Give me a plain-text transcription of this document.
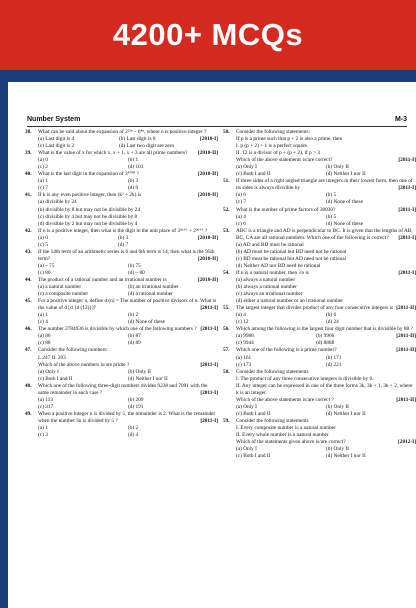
4200+ MCQs
Number System	M-3
38.	What can be said about the expansion of 2¹²ⁿ – 6⁴ⁿ, where n is positive integer ?
[2010-I]
(a) Last digit is 4	(b) Last digit is 8
(c) Last digit is 2	(d) Last two digit are zero
39.	What is the value of x for which x, x + 1, x + 3 are all prime numbers? [2010-II]
(a) 0	(b) 1
(c) 2	(d) 101
40.	What is the last digit in the expansion of 3⁴⁷⁰⁸ ?	[2010-II]
(a) 1	(b) 3
(c) 7	(d) 9
41.	If k is any even positive integer, then (k² + 2k) is	[2010-II]
(a) divisible by 24
(b) divisible by 8 but may not be divisible by 24
(c) divisible by 4 but may not be divisible by 8
(d) divisible by 2 but may not be divisible by 4
42.	If n is a positive integer, then what is the digit in the unit place of 3²ⁿ⁺¹ + 2²ⁿ⁺¹ ?
[2010-II]
(a) 0	(b) 3
(c) 5	(d) 7
43.	If the 14th term of an arithmetic series is 6 and 6th term is 14, then what is the 95th term?	[2010-II]
(a) – 75	(b) 75
(c) 80	(d) – 80
44.	The product of a rational number and an irrational number is	[2010-II]
(a) a natural number	(b) an irrational number
(c) a composite number	(d) a rational number
45.	For a positive integer n, define d (n) = The number of positive divisors of n. What is the value of d [d {d (12)}]?	[2011-I]
(a) 1	(b) 2
(c) 4	(d) None of these
46.	The number 2784936 is divisible by which one of the following numbers ? [2011-I]
(a) 86	(b) 87
(c) 88	(d) 89
47.	Consider the following numbers:
I. 247 II. 203
Which of the above numbers is/are prime ?	[2011-I]
(a) Only I	(b) Only II
(c) Both I and II	(d) Neither I nor II
48.	Which one of the following three-digit numbers divides 9238 and 7091 with the same remainder in each case ?	[2011-I]
(a) 113	(b) 209
(c) 317	(d) 191
49.	When a positive integer n is divided by 5, the remainder is 2. What is the remainder when the number 3n is divided by 5 ?	[2011-I]
(a) 1	(b) 2
(c) 3	(d) 4
50.	Consider the following statements:
If p is a prime such that p + 2 is also a prime, then
I. p (p + 2) + 1 is a perfect square.
II. 12 is a divisor of p + (p + 2), if p > 3
Which of the above statements is/are correct?	[2011-I]
(a) Only I	(b) Only II
(c) Both I and II	(d) Neither I nor II
51.	If three sides of a right angled triangle are integers in their lowest form, then one of its sides is always divisible by	[2011-I]
(a) 6	(b) 5
(c) 7	(d) None of these
52.	What is the number of prime factors of 30030?	[2011-I]
(a) 4	(b) 5
(c) 6	(d) None of these
53.	ABC is a triangle and AD is perpendicular to BC. It is given that the lengths of AB, BC, CA are all rational numbers. Which one of the following is correct? [2011-I]
(a) AD and BD must be rational
(b) AD must be rational but BD need not be rational
(c) BD must be rational but AD need not be rational
(d) Neither AD nor BD need be rational
54.	If n is a natural number, then √n is	[2011-I]
(a) always a natural number
(b) always a rational number
(c) always an irrational number
(d) either a natural number or an irrational number
55.	The largest integer that divides product of any four consecutive integers is [2011-II]
(a) 4	(b) 6
(c) 12	(d) 24
56.	Which among the following is the largest four digit number that is divisible by 88 ?
[2011-II]
(a) 9988	(b) 9966
(c) 9944	(d) 8888
57.	Which one of the following is a prime number?	[2011-II]
(a) 161	(b) 171
(c) 173	(d) 221
58.	Consider the following statements
I. The product of any three consecutive integers is divisible by 6.
II. Any integer can be expressed in one of the three forms 3k, 3k + 1, 3k + 2, where k is an integer.
Which of the above statements is/are correct ?	[2011-II]
(a) Only I	(b) Only II
(c) Both I and II	(d) Neither I nor II
59.	Consider the following statements
I. Every composite number is a natural number
II. Every whole number is a natural number
Which of the statements given above is/are correct?	[2012-I]
(a) Only I	(b) Only II
(c) Both I and II	(d) Neither I nor II
